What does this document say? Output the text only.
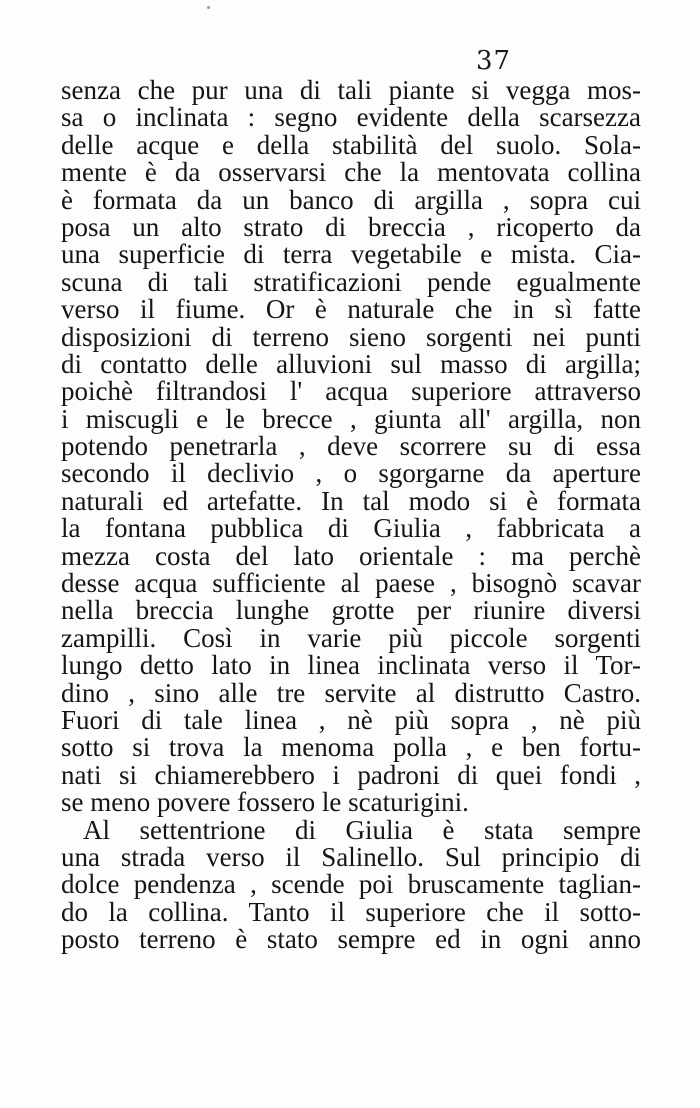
37
senza che pur una di tali piante si vegga mos-
sa o inclinata : segno evidente della scarsezza
delle acque e della stabilità del suolo. Sola-
mente è da osservarsi che la mentovata collina
è formata da un banco di argilla , sopra cui
posa un alto strato di breccia , ricoperto da
una superficie di terra vegetabile e mista. Cia-
scuna di tali stratificazioni pende egualmente
verso il fiume. Or è naturale che in sì fatte
disposizioni di terreno sieno sorgenti nei punti
di contatto delle alluvioni sul masso di argilla;
poichè filtrandosi l' acqua superiore attraverso
i miscugli e le brecce , giunta all' argilla, non
potendo penetrarla , deve scorrere su di essa
secondo il declivio , o sgorgarne da aperture
naturali ed artefatte. In tal modo si è formata
la fontana pubblica di Giulia , fabbricata a
mezza costa del lato orientale : ma perchè
desse acqua sufficiente al paese , bisognò scavar
nella breccia lunghe grotte per riunire diversi
zampilli. Così in varie più piccole sorgenti
lungo detto lato in linea inclinata verso il Tor-
dino , sino alle tre servite al distrutto Castro.
Fuori di tale linea , nè più sopra , nè più
sotto si trova la menoma polla , e ben fortu-
nati si chiamerebbero i padroni di quei fondi ,
se meno povere fossero le scaturigini.
Al settentrione di Giulia è stata sempre
una strada verso il Salinello. Sul principio di
dolce pendenza , scende poi bruscamente taglian-
do la collina. Tanto il superiore che il sotto-
posto terreno è stato sempre ed in ogni anno
